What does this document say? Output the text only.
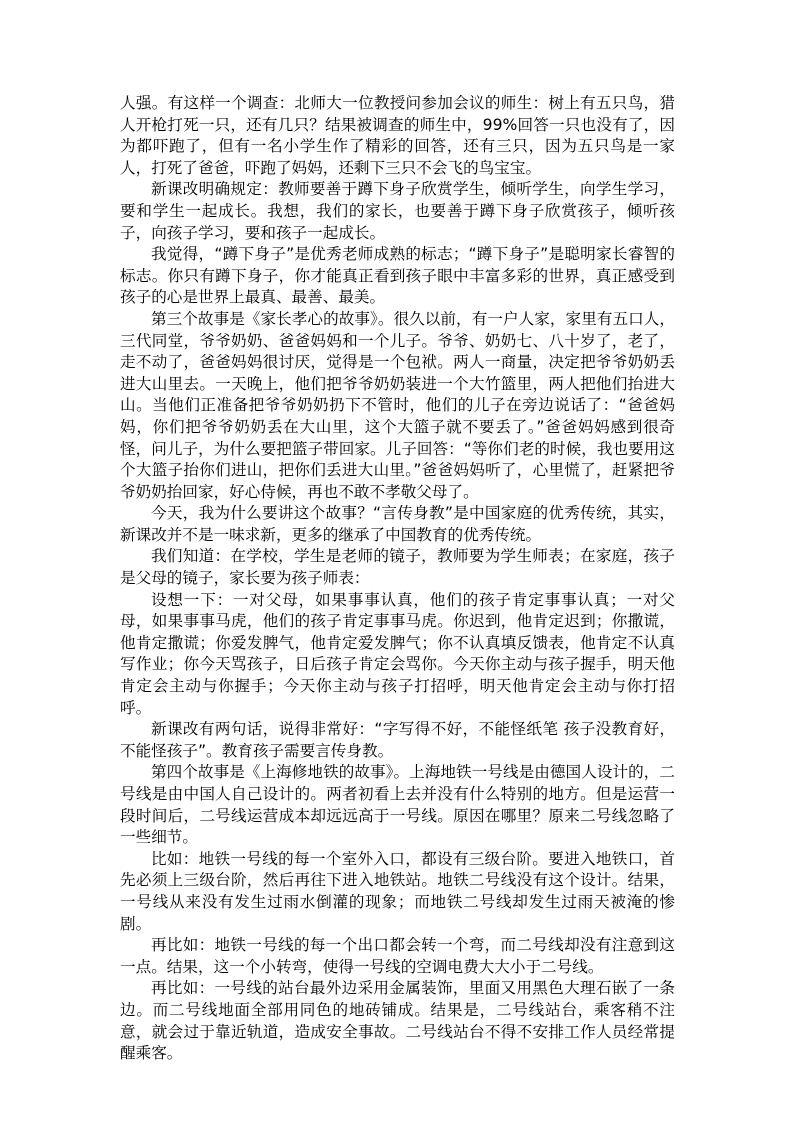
人强。有这样一个调查：北师大一位教授问参加会议的师生：树上有五只鸟，猎人开枪打死一只，还有几只？结果被调查的师生中，99%回答一只也没有了，因为都吓跑了，但有一名小学生作了精彩的回答，还有三只，因为五只鸟是一家人，打死了爸爸，吓跑了妈妈，还剩下三只不会飞的鸟宝宝。

新课改明确规定：教师要善于蹲下身子欣赏学生，倾听学生，向学生学习，要和学生一起成长。我想，我们的家长，也要善于蹲下身子欣赏孩子，倾听孩子，向孩子学习，要和孩子一起成长。

我觉得，“蹲下身子”是优秀老师成熟的标志；“蹲下身子”是聪明家长睿智的标志。你只有蹲下身子，你才能真正看到孩子眼中丰富多彩的世界，真正感受到孩子的心是世界上最真、最善、最美。

第三个故事是《家长孝心的故事》。很久以前，有一户人家，家里有五口人，三代同堂，爷爷奶奶、爸爸妈妈和一个儿子。爷爷、奶奶七、八十岁了，老了，走不动了，爸爸妈妈很讨厌，觉得是一个包袱。两人一商量，决定把爷爷奶奶丢进大山里去。一天晚上，他们把爷爷奶奶装进一个大竹篮里，两人把他们抬进大山。当他们正准备把爷爷奶奶扔下不管时，他们的儿子在旁边说话了：“爸爸妈妈，你们把爷爷奶奶丢在大山里，这个大篮子就不要丢了。”爸爸妈妈感到很奇怪，问儿子，为什么要把篮子带回家。儿子回答：“等你们老的时候，我也要用这个大篮子抬你们进山，把你们丢进大山里。”爸爸妈妈听了，心里慌了，赶紧把爷爷奶奶抬回家，好心侍候，再也不敢不孝敬父母了。

今天，我为什么要讲这个故事？“言传身教”是中国家庭的优秀传统，其实，新课改并不是一味求新，更多的继承了中国教育的优秀传统。

我们知道：在学校，学生是老师的镜子，教师要为学生师表；在家庭，孩子是父母的镜子，家长要为孩子师表：

设想一下：一对父母，如果事事认真，他们的孩子肯定事事认真；一对父母，如果事事马虎，他们的孩子肯定事事马虎。你迟到，他肯定迟到；你撒谎，他肯定撒谎；你爱发脾气，他肯定爱发脾气；你不认真填反馈表，他肯定不认真写作业；你今天骂孩子，日后孩子肯定会骂你。今天你主动与孩子握手，明天他肯定会主动与你握手；今天你主动与孩子打招呼，明天他肯定会主动与你打招呼。

新课改有两句话，说得非常好：“字写得不好，不能怪纸笔 孩子没教育好，不能怪孩子”。教育孩子需要言传身教。

第四个故事是《上海修地铁的故事》。上海地铁一号线是由德国人设计的，二号线是由中国人自己设计的。两者初看上去并没有什么特别的地方。但是运营一段时间后，二号线运营成本却远远高于一号线。原因在哪里？原来二号线忽略了一些细节。

比如：地铁一号线的每一个室外入口，都设有三级台阶。要进入地铁口，首先必须上三级台阶，然后再往下进入地铁站。地铁二号线没有这个设计。结果，一号线从来没有发生过雨水倒灌的现象；而地铁二号线却发生过雨天被淹的惨剧。

再比如：地铁一号线的每一个出口都会转一个弯，而二号线却没有注意到这一点。结果，这一个小转弯，使得一号线的空调电费大大小于二号线。

再比如：一号线的站台最外边采用金属装饰，里面又用黑色大理石嵌了一条边。而二号线地面全部用同色的地砖铺成。结果是，二号线站台，乘客稍不注意，就会过于靠近轨道，造成安全事故。二号线站台不得不安排工作人员经常提醒乘客。
